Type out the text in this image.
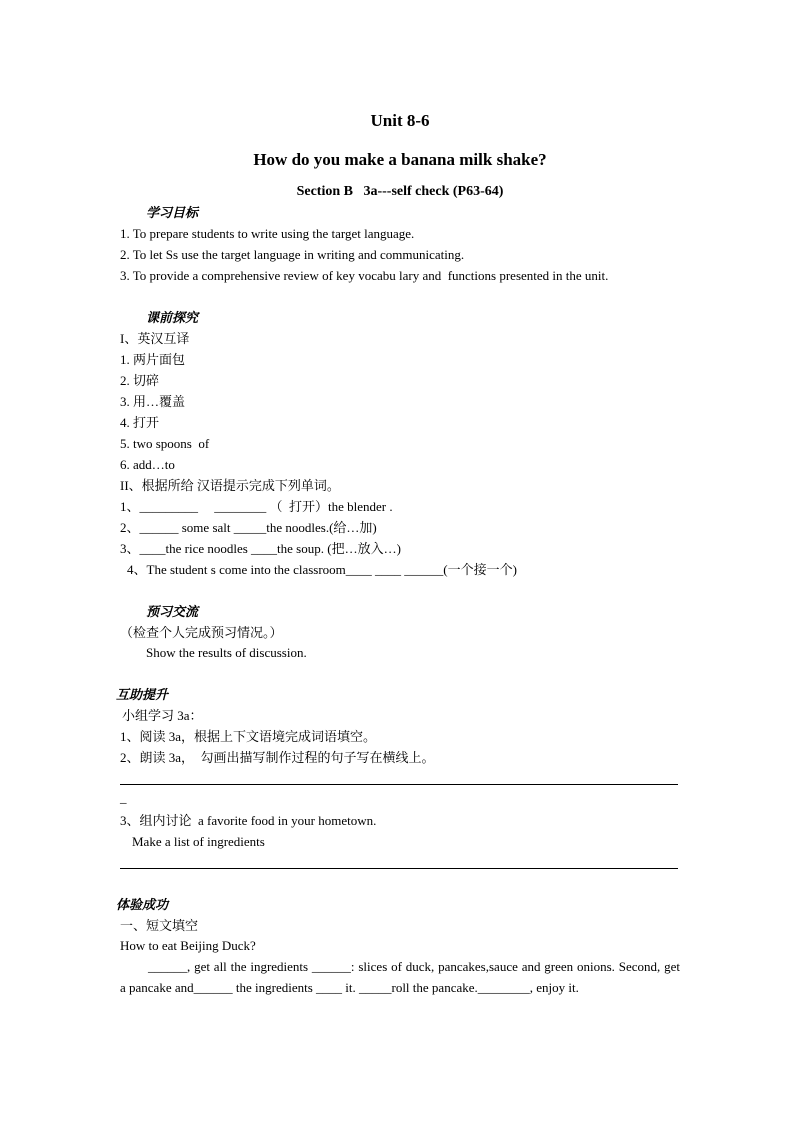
Unit 8-6
How do you make a banana milk shake?
Section B   3a---self check (P63-64)
学习目标
1. To prepare students to write using the target language.
2. To let Ss use the target language in writing and communicating.
3. To provide a comprehensive review of key vocabu lary and  functions presented in the unit.
课前探究
I、英汉互译
1. 两片面包
2. 切碎
3. 用…覆盖
4. 打开
5. two spoons  of
6. add…to
II、根据所给 汉语提示完成下列单词。
1、_________     ________ （  打开）the blender .
2、______ some salt _____the noodles.(给…加)
3、____the rice noodles ____the soup. (把…放入…)
4、The student s come into the classroom____ ____ ______(一个接一个)
预习交流
（检查个人完成预习情况。）
Show the results of discussion.
互助提升
小组学习 3a：
1、阅读 3a，根据上下文语境完成词语填空。
2、朗读 3a，  勾画出描写制作过程的句子写在横线上。
_
3、组内讨论  a favorite food in your hometown.
Make a list of ingredients
体验成功
一、短文填空
How to eat Beijing Duck?
______, get all the ingredients ______: slices of duck, pancakes,sauce and green onions. Second, get a pancake and______ the ingredients ____ it. _____roll the pancake.________, enjoy it.
